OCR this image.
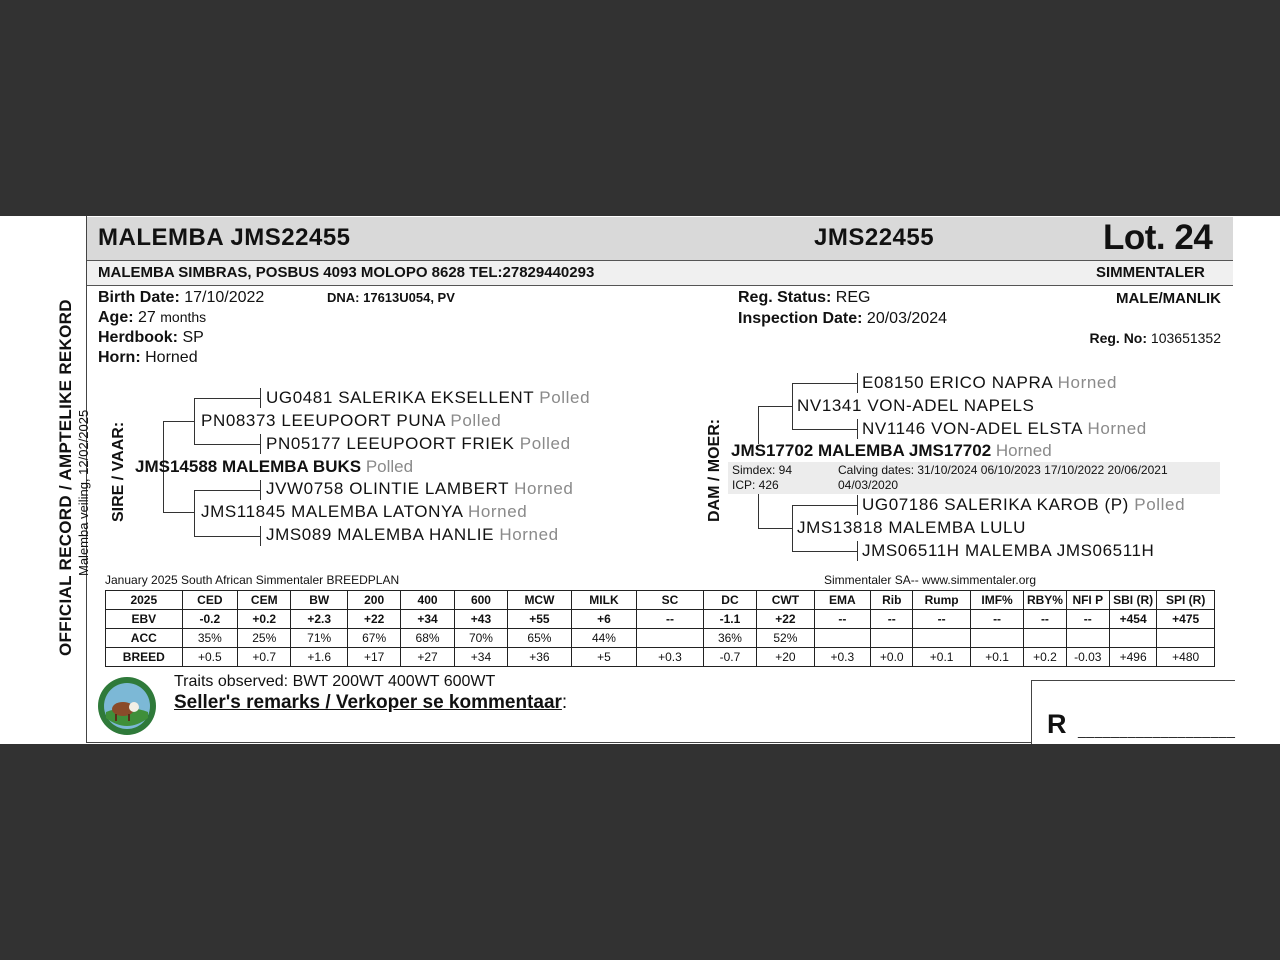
OFFICIAL RECORD / AMPTELIKE REKORD Malemba veiling, 12/02/2025
MALEMBA JMS22455	JMS22455	Lot. 24
MALEMBA SIMBRAS, POSBUS 4093 MOLOPO 8628 TEL:27829440293	SIMMENTALER
Birth Date: 17/10/2022	DNA: 17613U054, PV
Age: 27 months
Herdbook: SP
Horn: Horned
Reg. Status: REG
Inspection Date: 20/03/2024
MALE/MANLIK
Reg. No: 103651352
SIRE / VAAR:
UG0481 SALERIKA EKSELLENT Polled
PN08373 LEEUPOORT PUNA Polled
PN05177 LEEUPOORT FRIEK Polled
JMS14588 MALEMBA BUKS Polled
JVW0758 OLINTIE LAMBERT Horned
JMS11845 MALEMBA LATONYA Horned
JMS089 MALEMBA HANLIE Horned
DAM / MOER:
E08150 ERICO NAPRA Horned
NV1341 VON-ADEL NAPELS
NV1146 VON-ADEL ELSTA Horned
JMS17702 MALEMBA JMS17702 Horned
Simdex: 94
ICP: 426
Calving dates: 31/10/2024 06/10/2023 17/10/2022 20/06/2021
04/03/2020
UG07186 SALERIKA KAROB (P) Polled
JMS13818 MALEMBA LULU
JMS06511H MALEMBA JMS06511H
January 2025 South African Simmentaler BREEDPLAN	Simmentaler SA-- www.simmentaler.org
2025	CED	CEM	BW	200	400	600	MCW	MILK	SC	DC	CWT	EMA	Rib	Rump	IMF%	RBY%	NFI P	SBI (R)	SPI (R)
EBV	-0.2	+0.2	+2.3	+22	+34	+43	+55	+6	--	-1.1	+22	--	--	--	--	--	--	+454	+475
ACC	35%	25%	71%	67%	68%	70%	65%	44%		36%	52%								
BREED	+0.5	+0.7	+1.6	+17	+27	+34	+36	+5	+0.3	-0.7	+20	+0.3	+0.0	+0.1	+0.1	+0.2	-0.03	+496	+480
Traits observed: BWT 200WT 400WT 600WT
Seller's remarks / Verkoper se kommentaar:
R ___________________
